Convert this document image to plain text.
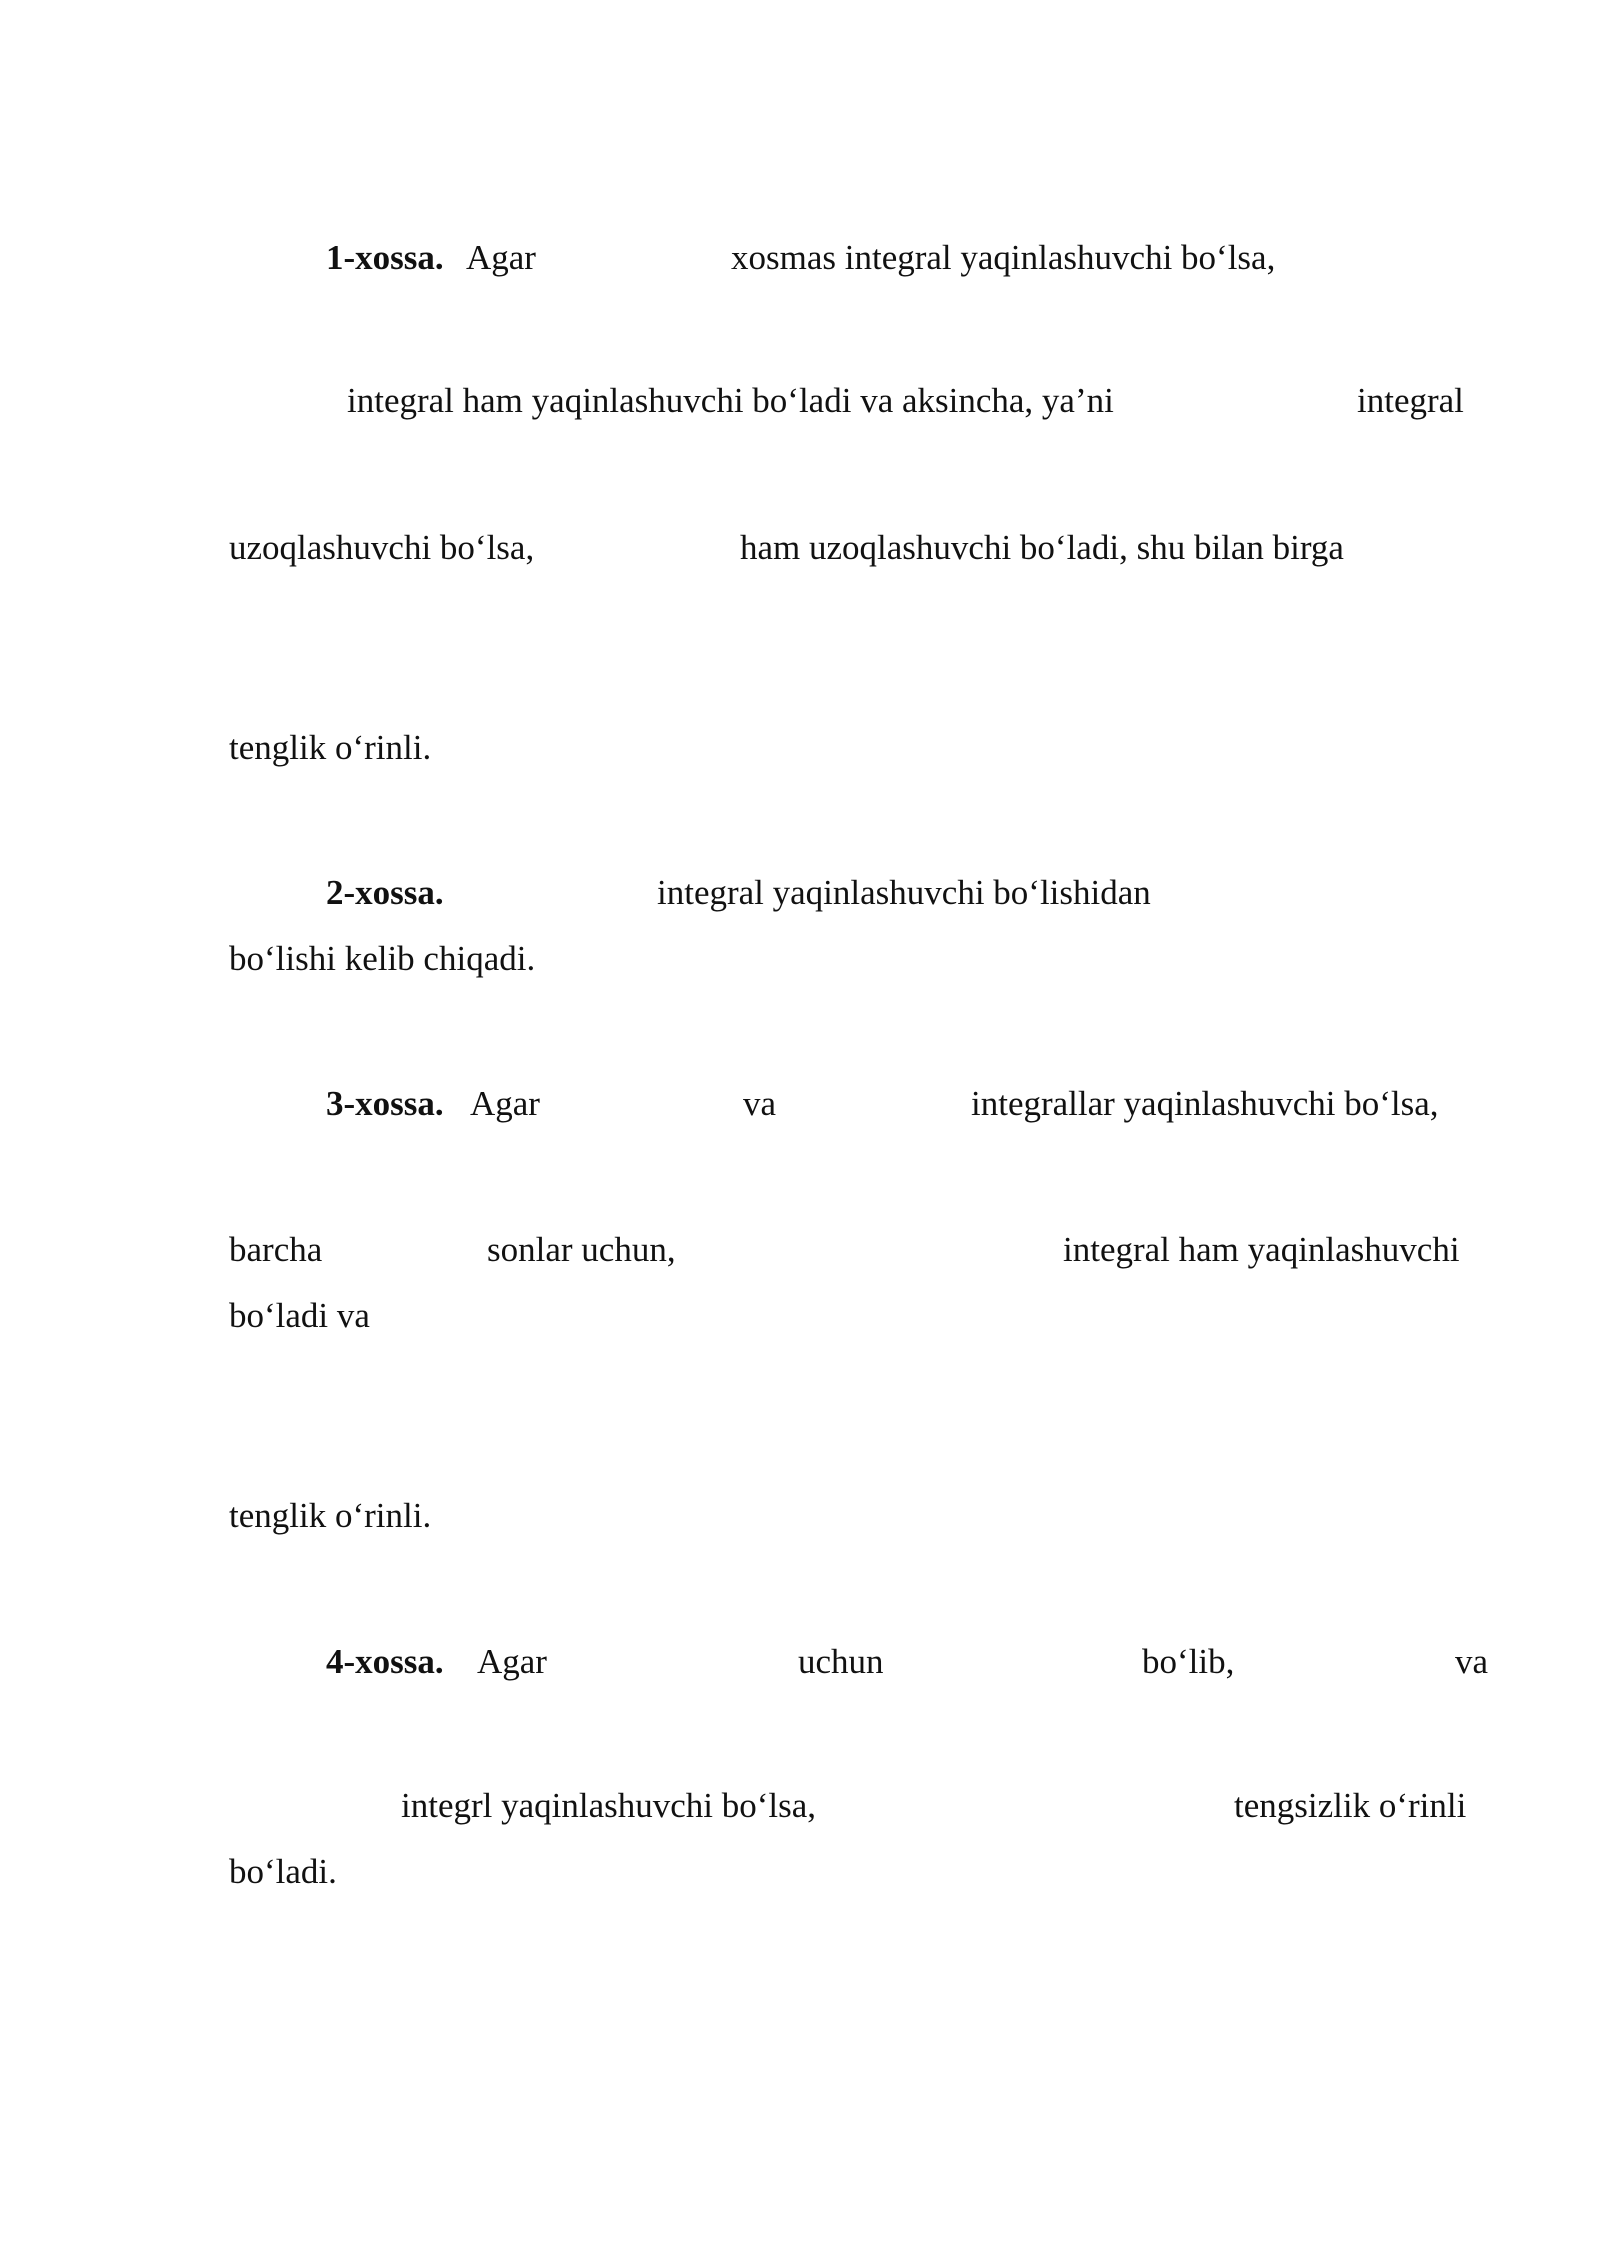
1-xossa. Agar	xosmas integral yaqinlashuvchi bo‘lsa,
integral ham yaqinlashuvchi bo‘ladi va aksincha, ya’ni	integral
uzoqlashuvchi bo‘lsa,	ham uzoqlashuvchi bo‘ladi, shu bilan birga
tenglik o‘rinli.
2-xossa.	integral yaqinlashuvchi bo‘lishidan
bo‘lishi kelib chiqadi.
3-xossa. Agar	va	integrallar yaqinlashuvchi bo‘lsa,
barcha	sonlar uchun,	integral ham yaqinlashuvchi
bo‘ladi va
tenglik o‘rinli.
4-xossa. Agar	uchun	bo‘lib,	va
integrl yaqinlashuvchi bo‘lsa,	tengsizlik o‘rinli
bo‘ladi.
